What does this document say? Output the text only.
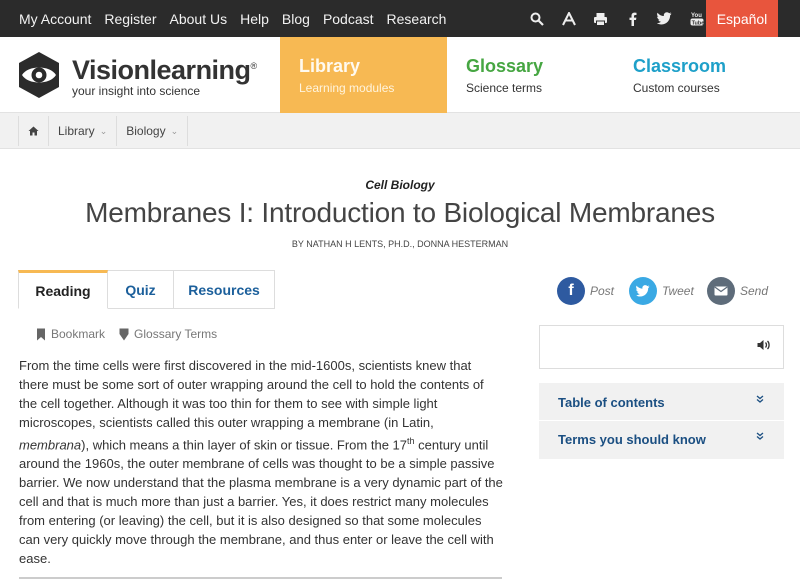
My Account Register About Us Help Blog Podcast Research	You
Tube Español
Visionlearning®
your insight into science
Library
Learning modules
Glossary
Science terms
Classroom
Custom courses
Library ⌄ Biology ⌄
Cell Biology
Membranes I: Introduction to Biological Membranes
BY NATHAN H LENTS, PH.D., DONNA HESTERMAN
Reading	Quiz	Resources
Bookmark Glossary Terms

From the time cells were first discovered in the mid-1600s, scientists knew that there must be some sort of outer wrapping around the cell to hold the contents of the cell together. Although it was too thin for them to see with simple light microscopes, scientists called this outer wrapping a membrane (in Latin, membrana), which means a thin layer of skin or tissue. From the 17th century until around the 1960s, the outer membrane of cells was thought to be a simple passive barrier. We now understand that the plasma membrane is a very dynamic part of the cell and that is much more than just a barrier. Yes, it does restrict many molecules from entering (or leaving) the cell, but it is also designed so that some molecules can very quickly move through the membrane, and thus enter or leave the cell with ease.

f	Post	Tweet	Send
Table of contents
Terms you should know
